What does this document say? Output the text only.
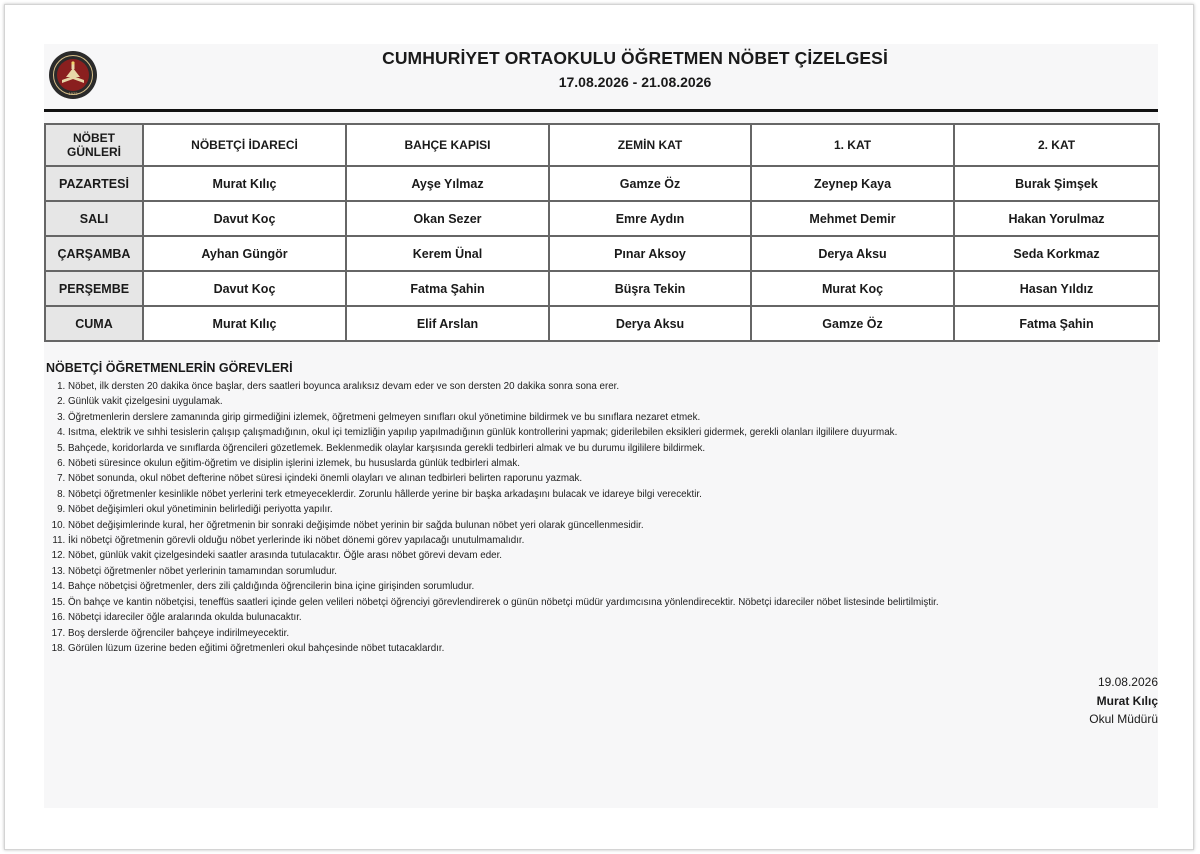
1923
CUMHURİYET ORTAOKULU ÖĞRETMEN NÖBET ÇİZELGESİ
17.08.2026 - 21.08.2026
NÖBET GÜNLERİ	NÖBETÇİ İDARECİ	BAHÇE KAPISI	ZEMİN KAT	1. KAT	2. KAT
PAZARTESİ	Murat Kılıç	Ayşe Yılmaz	Gamze Öz	Zeynep Kaya	Burak Şimşek
SALI	Davut Koç	Okan Sezer	Emre Aydın	Mehmet Demir	Hakan Yorulmaz
ÇARŞAMBA	Ayhan Güngör	Kerem Ünal	Pınar Aksoy	Derya Aksu	Seda Korkmaz
PERŞEMBE	Davut Koç	Fatma Şahin	Büşra Tekin	Murat Koç	Hasan Yıldız
CUMA	Murat Kılıç	Elif Arslan	Derya Aksu	Gamze Öz	Fatma Şahin
NÖBETÇİ ÖĞRETMENLERİN GÖREVLERİ
1. Nöbet, ilk dersten 20 dakika önce başlar, ders saatleri boyunca aralıksız devam eder ve son dersten 20 dakika sonra sona erer.
2. Günlük vakit çizelgesini uygulamak.
3. Öğretmenlerin derslere zamanında girip girmediğini izlemek, öğretmeni gelmeyen sınıfları okul yönetimine bildirmek ve bu sınıflara nezaret etmek.
4. Isıtma, elektrik ve sıhhi tesislerin çalışıp çalışmadığının, okul içi temizliğin yapılıp yapılmadığının günlük kontrollerini yapmak; giderilebilen eksikleri gidermek, gerekli olanları ilgililere duyurmak.
5. Bahçede, koridorlarda ve sınıflarda öğrencileri gözetlemek. Beklenmedik olaylar karşısında gerekli tedbirleri almak ve bu durumu ilgililere bildirmek.
6. Nöbeti süresince okulun eğitim-öğretim ve disiplin işlerini izlemek, bu hususlarda günlük tedbirleri almak.
7. Nöbet sonunda, okul nöbet defterine nöbet süresi içindeki önemli olayları ve alınan tedbirleri belirten raporunu yazmak.
8. Nöbetçi öğretmenler kesinlikle nöbet yerlerini terk etmeyeceklerdir. Zorunlu hâllerde yerine bir başka arkadaşını bulacak ve idareye bilgi verecektir.
9. Nöbet değişimleri okul yönetiminin belirlediği periyotta yapılır.
10. Nöbet değişimlerinde kural, her öğretmenin bir sonraki değişimde nöbet yerinin bir sağda bulunan nöbet yeri olarak güncellenmesidir.
11. İki nöbetçi öğretmenin görevli olduğu nöbet yerlerinde iki nöbet dönemi görev yapılacağı unutulmamalıdır.
12. Nöbet, günlük vakit çizelgesindeki saatler arasında tutulacaktır. Öğle arası nöbet görevi devam eder.
13. Nöbetçi öğretmenler nöbet yerlerinin tamamından sorumludur.
14. Bahçe nöbetçisi öğretmenler, ders zili çaldığında öğrencilerin bina içine girişinden sorumludur.
15. Ön bahçe ve kantin nöbetçisi, teneffüs saatleri içinde gelen velileri nöbetçi öğrenciyi görevlendirerek o günün nöbetçi müdür yardımcısına yönlendirecektir. Nöbetçi idareciler nöbet listesinde belirtilmiştir.
16. Nöbetçi idareciler öğle aralarında okulda bulunacaktır.
17. Boş derslerde öğrenciler bahçeye indirilmeyecektir.
18. Görülen lüzum üzerine beden eğitimi öğretmenleri okul bahçesinde nöbet tutacaklardır.
19.08.2026
Murat Kılıç
Okul Müdürü
